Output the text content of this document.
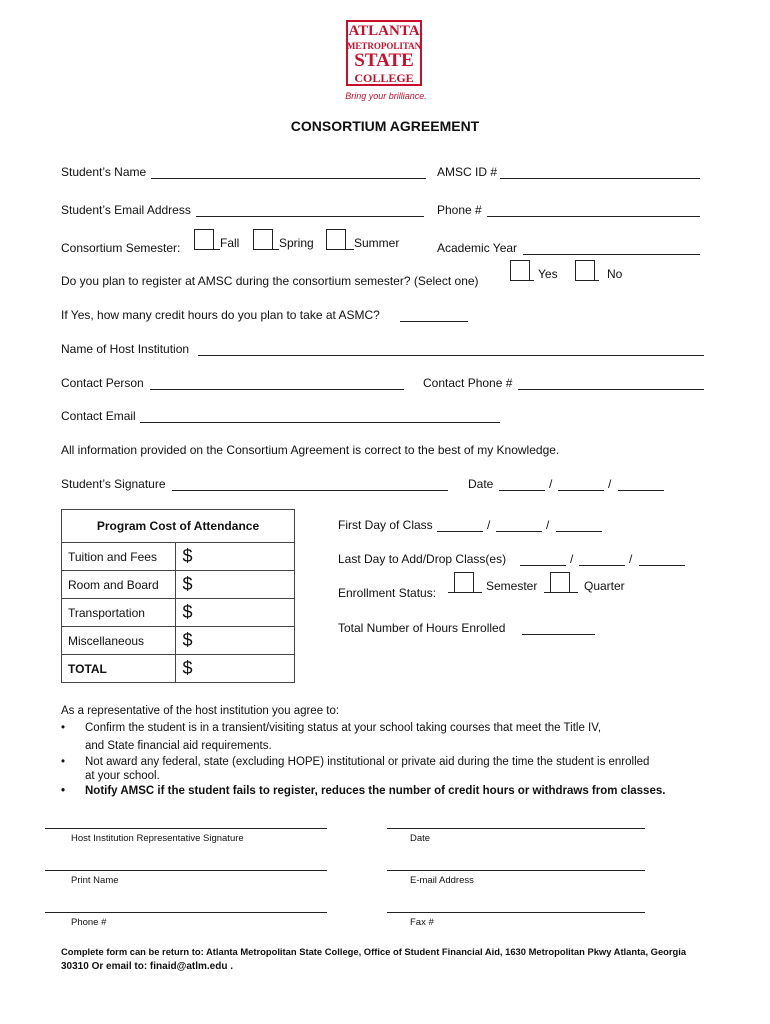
ATLANTA
METROPOLITAN
STATE
COLLEGE
Bring your brilliance.
CONSORTIUM AGREEMENT
Student’s Name	AMSC ID #
Student’s Email Address	Phone #
Consortium Semester:	Fall	Spring	Summer	Academic Year
Do you plan to register at AMSC during the consortium semester? (Select one)	Yes	No
If Yes, how many credit hours do you plan to take at ASMC?
Name of Host Institution
Contact Person	Contact Phone #
Contact Email
All information provided on the Consortium Agreement is correct to the best of my Knowledge.
Student’s Signature	Date	/	/
Program Cost of Attendance	
Tuition and Fees	$
Room and Board	$
Transportation	$
Miscellaneous	$
TOTAL	$
First Day of Class	/	/
Last Day to Add/Drop Class(es)	/	/
Enrollment Status:	Semester	Quarter
Total Number of Hours Enrolled
As a representative of the host institution you agree to:
• Confirm the student is in a transient/visiting status at your school taking courses that meet the Title IV,
and State financial aid requirements.
• Not award any federal, state (excluding HOPE) institutional or private aid during the time the student is enrolled
at your school.
• Notify AMSC if the student fails to register, reduces the number of credit hours or withdraws from classes.
Host Institution Representative Signature	Date
Print Name	E-mail Address
Phone #	Fax #
Complete form can be return to: Atlanta Metropolitan State College, Office of Student Financial Aid, 1630 Metropolitan Pkwy Atlanta, Georgia
30310 Or email to: finaid@atlm.edu .
